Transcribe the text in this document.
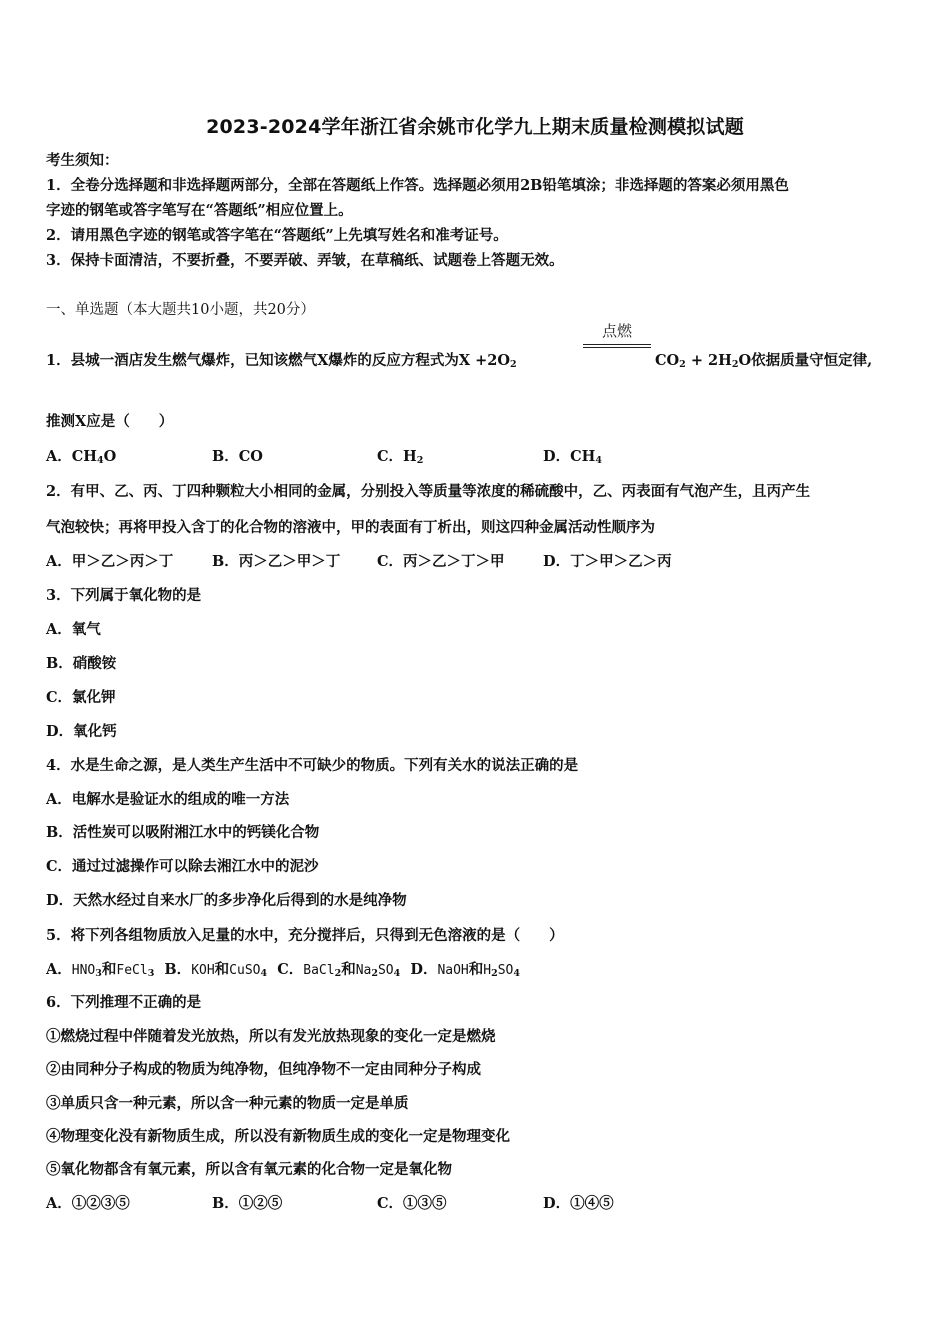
2023-2024学年浙江省余姚市化学九上期末质量检测模拟试题
考生须知：
1．全卷分选择题和非选择题两部分，全部在答题纸上作答。选择题必须用2B铅笔填涂；非选择题的答案必须用黑色
字迹的钢笔或答字笔写在“答题纸”相应位置上。
2．请用黑色字迹的钢笔或答字笔在“答题纸”上先填写姓名和准考证号。
3．保持卡面清洁，不要折叠，不要弄破、弄皱，在草稿纸、试题卷上答题无效。
一、单选题（本大题共10小题，共20分）
1．县城一酒店发生燃气爆炸，已知该燃气X爆炸的反应方程式为$X +2O_2$
点燃
$CO_2 + 2H_2O$依据质量守恒定律,
推测X应是（　　）
A．$CH_4O$	B．CO	C．$H_2$	D．$CH_4$
2．有甲、乙、丙、丁四种颗粒大小相同的金属，分别投入等质量等浓度的稀硫酸中，乙、丙表面有气泡产生，且丙产生
气泡较快；再将甲投入含丁的化合物的溶液中，甲的表面有丁析出，则这四种金属活动性顺序为
A．甲＞乙＞丙＞丁	B．丙＞乙＞甲＞丁	C．丙＞乙＞丁＞甲	D．丁＞甲＞乙＞丙
3．下列属于氧化物的是
A．氧气
B．硝酸铵
C．氯化钾
D．氧化钙
4．水是生命之源，是人类生产生活中不可缺少的物质。下列有关水的说法正确的是
A．电解水是验证水的组成的唯一方法
B．活性炭可以吸附湘江水中的钙镁化合物
C．通过过滤操作可以除去湘江水中的泥沙
D．天然水经过自来水厂的多步净化后得到的水是纯净物
5．将下列各组物质放入足量的水中，充分搅拌后，只得到无色溶液的是（　　）
A．$HNO_3$和FeCl$_3$ B．KOH和CuSO$_4$ C．BaCl$_2$和$Na_2SO_4$ D．NaOH和$H_2SO_4$
6．下列推理不正确的是
①燃烧过程中伴随着发光放热，所以有发光放热现象的变化一定是燃烧
②由同种分子构成的物质为纯净物，但纯净物不一定由同种分子构成
③单质只含一种元素，所以含一种元素的物质一定是单质
④物理变化没有新物质生成，所以没有新物质生成的变化一定是物理变化
⑤氧化物都含有氧元素，所以含有氧元素的化合物一定是氧化物
A．①②③⑤	B．①②⑤	C．①③⑤	D．①④⑤
